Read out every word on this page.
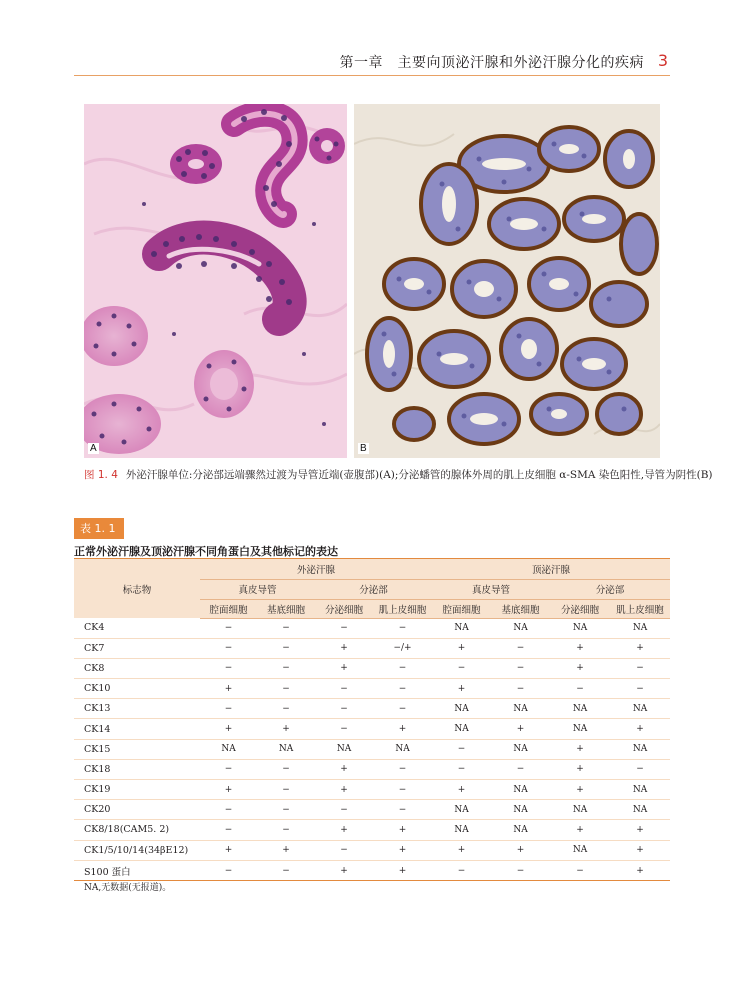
第一章　主要向顶泌汗腺和外泌汗腺分化的疾病 3
A	B
图 1. 4 外泌汗腺单位:分泌部远端骤然过渡为导管近端(壶腹部)(A);分泌蟠管的腺体外周的肌上皮细胞 α-SMA 染色阳性,导管为阴性(B)
表 1. 1
正常外泌汗腺及顶泌汗腺不同角蛋白及其他标记的表达
标志物	外泌汗腺				顶泌汗腺			
	真皮导管		分泌部		真皮导管		分泌部	
	腔面细胞	基底细胞	分泌细胞	肌上皮细胞	腔面细胞	基底细胞	分泌细胞	肌上皮细胞
CK4	−	−	−	−	NA	NA	NA	NA
CK7	−	−	+	−/+	+	−	+	+
CK8	−	−	+	−	−	−	+	−
CK10	+	−	−	−	+	−	−	−
CK13	−	−	−	−	NA	NA	NA	NA
CK14	+	+	−	+	NA	+	NA	+
CK15	NA	NA	NA	NA	−	NA	+	NA
CK18	−	−	+	−	−	−	+	−
CK19	+	−	+	−	+	NA	+	NA
CK20	−	−	−	−	NA	NA	NA	NA
CK8/18(CAM5. 2)	−	−	+	+	NA	NA	+	+
CK1/5/10/14(34βE12)	+	+	−	+	+	+	NA	+
S100 蛋白	−	−	+	+	−	−	−	+
NA,无数据(无报道)。
